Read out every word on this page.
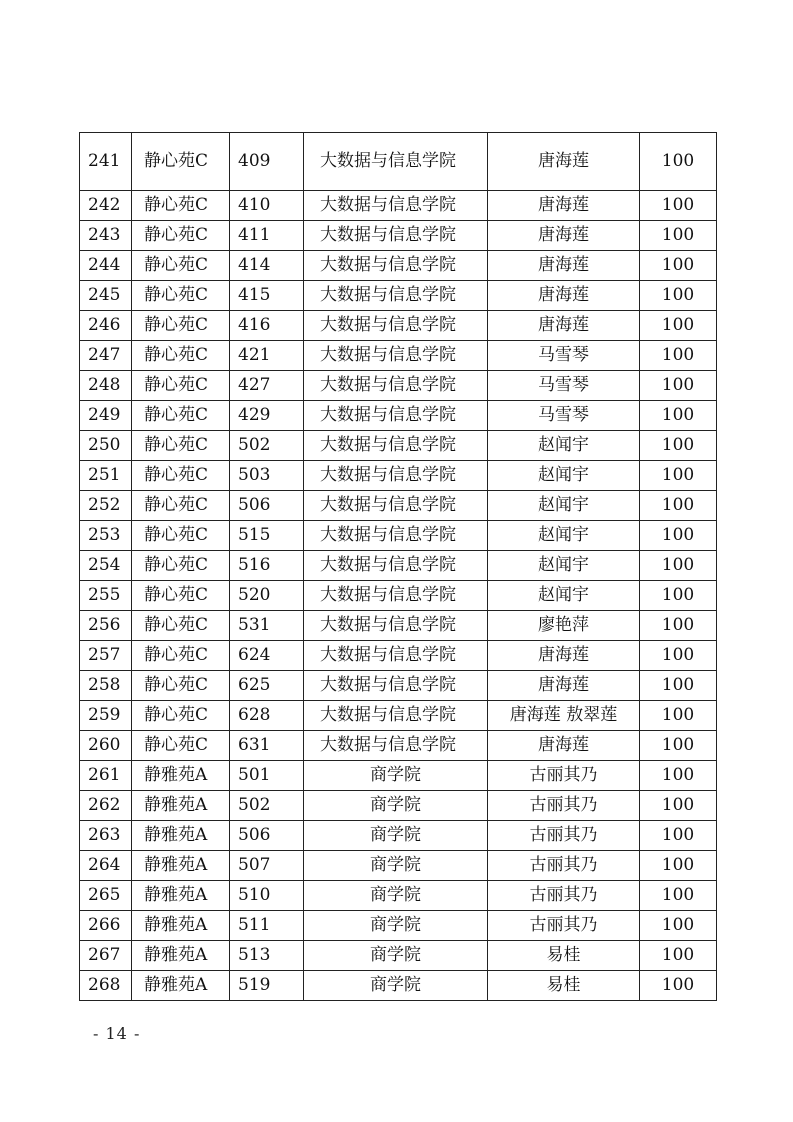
241	静心苑C	409	大数据与信息学院	唐海莲	100
242	静心苑C	410	大数据与信息学院	唐海莲	100
243	静心苑C	411	大数据与信息学院	唐海莲	100
244	静心苑C	414	大数据与信息学院	唐海莲	100
245	静心苑C	415	大数据与信息学院	唐海莲	100
246	静心苑C	416	大数据与信息学院	唐海莲	100
247	静心苑C	421	大数据与信息学院	马雪琴	100
248	静心苑C	427	大数据与信息学院	马雪琴	100
249	静心苑C	429	大数据与信息学院	马雪琴	100
250	静心苑C	502	大数据与信息学院	赵闻宇	100
251	静心苑C	503	大数据与信息学院	赵闻宇	100
252	静心苑C	506	大数据与信息学院	赵闻宇	100
253	静心苑C	515	大数据与信息学院	赵闻宇	100
254	静心苑C	516	大数据与信息学院	赵闻宇	100
255	静心苑C	520	大数据与信息学院	赵闻宇	100
256	静心苑C	531	大数据与信息学院	廖艳萍	100
257	静心苑C	624	大数据与信息学院	唐海莲	100
258	静心苑C	625	大数据与信息学院	唐海莲	100
259	静心苑C	628	大数据与信息学院	唐海莲 敖翠莲	100
260	静心苑C	631	大数据与信息学院	唐海莲	100
261	静雅苑A	501	商学院	古丽其乃	100
262	静雅苑A	502	商学院	古丽其乃	100
263	静雅苑A	506	商学院	古丽其乃	100
264	静雅苑A	507	商学院	古丽其乃	100
265	静雅苑A	510	商学院	古丽其乃	100
266	静雅苑A	511	商学院	古丽其乃	100
267	静雅苑A	513	商学院	易桂	100
268	静雅苑A	519	商学院	易桂	100
- 14 -
